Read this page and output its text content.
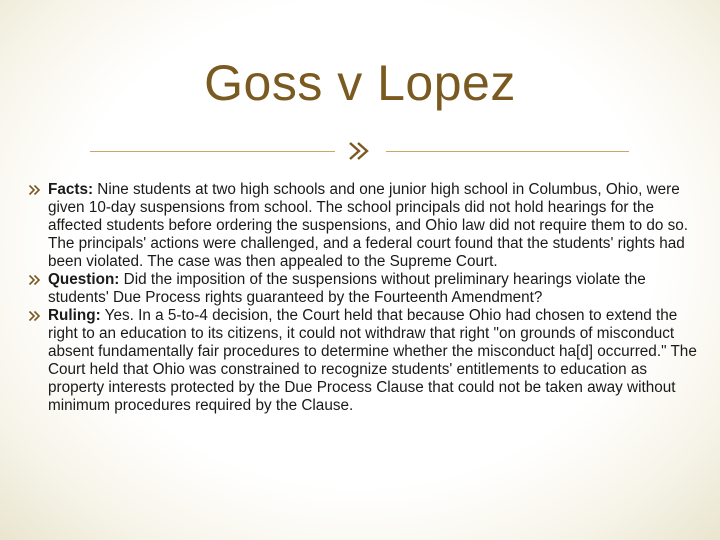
Goss v Lopez
Facts: Nine students at two high schools and one junior high school in Columbus, Ohio, were given 10-day suspensions from school. The school principals did not hold hearings for the affected students before ordering the suspensions, and Ohio law did not require them to do so. The principals' actions were challenged, and a federal court found that the students' rights had been violated. The case was then appealed to the Supreme Court.
Question: Did the imposition of the suspensions without preliminary hearings violate the students' Due Process rights guaranteed by the Fourteenth Amendment?
Ruling: Yes. In a 5-to-4 decision, the Court held that because Ohio had chosen to extend the right to an education to its citizens, it could not withdraw that right "on grounds of misconduct absent fundamentally fair procedures to determine whether the misconduct ha[d] occurred." The Court held that Ohio was constrained to recognize students' entitlements to education as property interests protected by the Due Process Clause that could not be taken away without minimum procedures required by the Clause.
